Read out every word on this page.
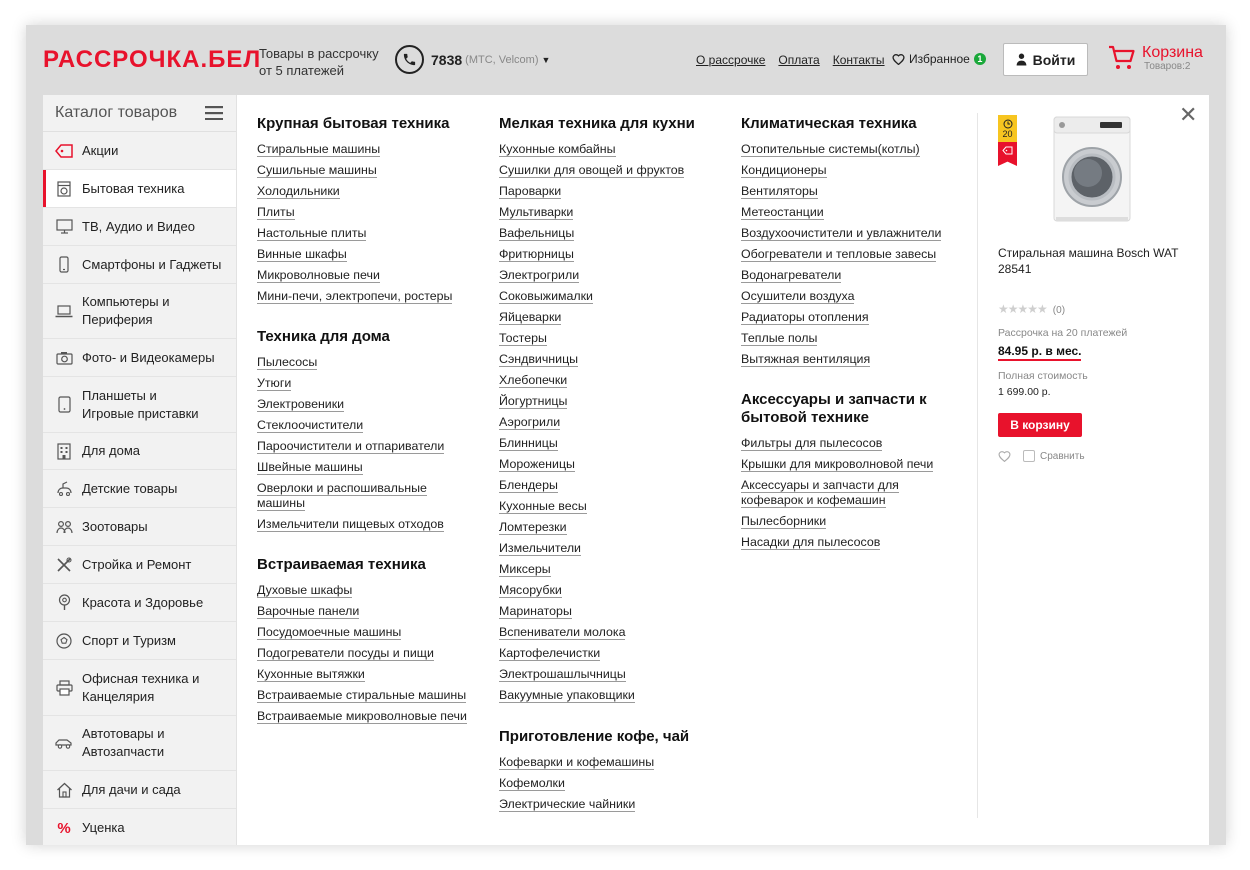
РАССРОЧКА.БЕЛ
Товары в рассрочку
от 5 платежей
7838 (МТС, Velcom) ▼	О рассрочке Оплата Контакты Избранное 1	Войти	Корзина
Товаров:2
Каталог товаров
Акции
Бытовая техника
ТВ, Аудио и Видео
Смартфоны и Гаджеты
Компьютеры и Периферия
Фото- и Видеокамеры
Планшеты и Игровые приставки
Для дома
Детские товары
Зоотовары
Стройка и Ремонт
Красота и Здоровье
Спорт и Туризм
Офисная техника и Канцелярия
Автотовары и Автозапчасти
Для дачи и сада
% Уценка
Крупная бытовая техника
Стиральные машины
Сушильные машины
Холодильники
Плиты
Настольные плиты
Винные шкафы
Микроволновые печи
Мини-печи, электропечи, ростеры
Техника для дома
Пылесосы
Утюги
Электровеники
Стеклоочистители
Пароочистители и отпариватели
Швейные машины
Оверлоки и распошивальные машины
Измельчители пищевых отходов
Встраиваемая техника
Духовые шкафы
Варочные панели
Посудомоечные машины
Подогреватели посуды и пищи
Кухонные вытяжки
Встраиваемые стиральные машины
Встраиваемые микроволновые печи
Мелкая техника для кухни
Кухонные комбайны
Сушилки для овощей и фруктов
Пароварки
Мультиварки
Вафельницы
Фритюрницы
Электрогрили
Соковыжималки
Яйцеварки
Тостеры
Сэндвичницы
Хлебопечки
Йогуртницы
Аэрогрили
Блинницы
Мороженицы
Блендеры
Кухонные весы
Ломтерезки
Измельчители
Миксеры
Мясорубки
Маринаторы
Вспениватели молока
Картофелечистки
Электрошашлычницы
Вакуумные упаковщики
Приготовление кофе, чай
Кофеварки и кофемашины
Кофемолки
Электрические чайники
Климатическая техника
Отопительные системы(котлы)
Кондиционеры
Вентиляторы
Метеостанции
Воздухоочистители и увлажнители
Обогреватели и тепловые завесы
Водонагреватели
Осушители воздуха
Радиаторы отопления
Теплые полы
Вытяжная вентиляция
Аксессуары и запчасти к бытовой технике
Фильтры для пылесосов
Крышки для микроволновой печи
Аксессуары и запчасти для кофеварок и кофемашин
Пылесборники
Насадки для пылесосов
✕
20
Стиральная машина Bosch WAT 28541
★★★★★ (0)
Рассрочка на 20 платежей
84.95 р. в мес.
Полная стоимость
1 699.00 р.
В корзину
Сравнить
